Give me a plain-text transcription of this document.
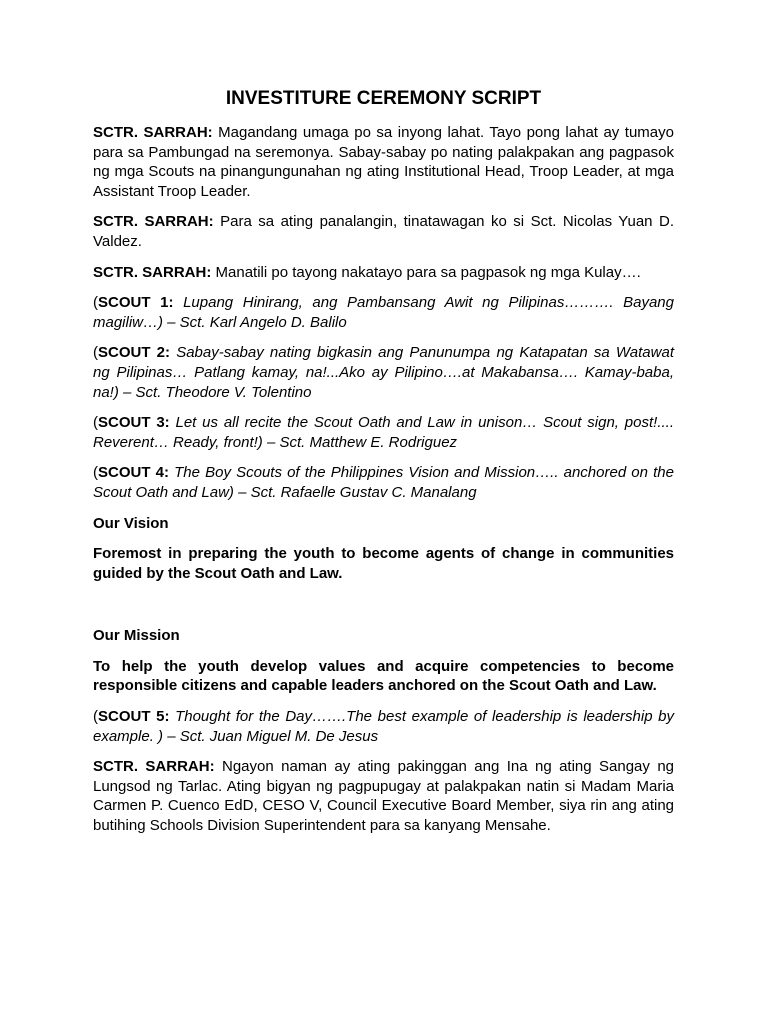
INVESTITURE CEREMONY SCRIPT

SCTR. SARRAH: Magandang umaga po sa inyong lahat. Tayo pong lahat ay tumayo para sa Pambungad na seremonya. Sabay-sabay po nating palakpakan ang pagpasok ng mga Scouts na pinangungunahan ng ating Institutional Head, Troop Leader, at mga Assistant Troop Leader.

SCTR. SARRAH: Para sa ating panalangin, tinatawagan ko si Sct. Nicolas Yuan D. Valdez.

SCTR. SARRAH: Manatili po tayong nakatayo para sa pagpasok ng mga Kulay….

(SCOUT 1: Lupang Hinirang, ang Pambansang Awit ng Pilipinas………. Bayang magiliw…) – Sct. Karl Angelo D. Balilo

(SCOUT 2: Sabay-sabay nating bigkasin ang Panunumpa ng Katapatan sa Watawat ng Pilipinas… Patlang kamay, na!...Ako ay Pilipino….at Makabansa…. Kamay-baba, na!) – Sct. Theodore V. Tolentino

(SCOUT 3: Let us all recite the Scout Oath and Law in unison… Scout sign, post!.... Reverent… Ready, front!) – Sct. Matthew E. Rodriguez

(SCOUT 4: The Boy Scouts of the Philippines Vision and Mission….. anchored on the Scout Oath and Law) – Sct. Rafaelle Gustav C. Manalang

Our Vision

Foremost in preparing the youth to become agents of change in communities guided by the Scout Oath and Law.

Our Mission

To help the youth develop values and acquire competencies to become responsible citizens and capable leaders anchored on the Scout Oath and Law.

(SCOUT 5: Thought for the Day…….The best example of leadership is leadership by example. ) – Sct. Juan Miguel M. De Jesus

SCTR. SARRAH: Ngayon naman ay ating pakinggan ang Ina ng ating Sangay ng Lungsod ng Tarlac. Ating bigyan ng pagpupugay at palakpakan natin si Madam Maria Carmen P. Cuenco EdD, CESO V, Council Executive Board Member, siya rin ang ating butihing Schools Division Superintendent para sa kanyang Mensahe.
